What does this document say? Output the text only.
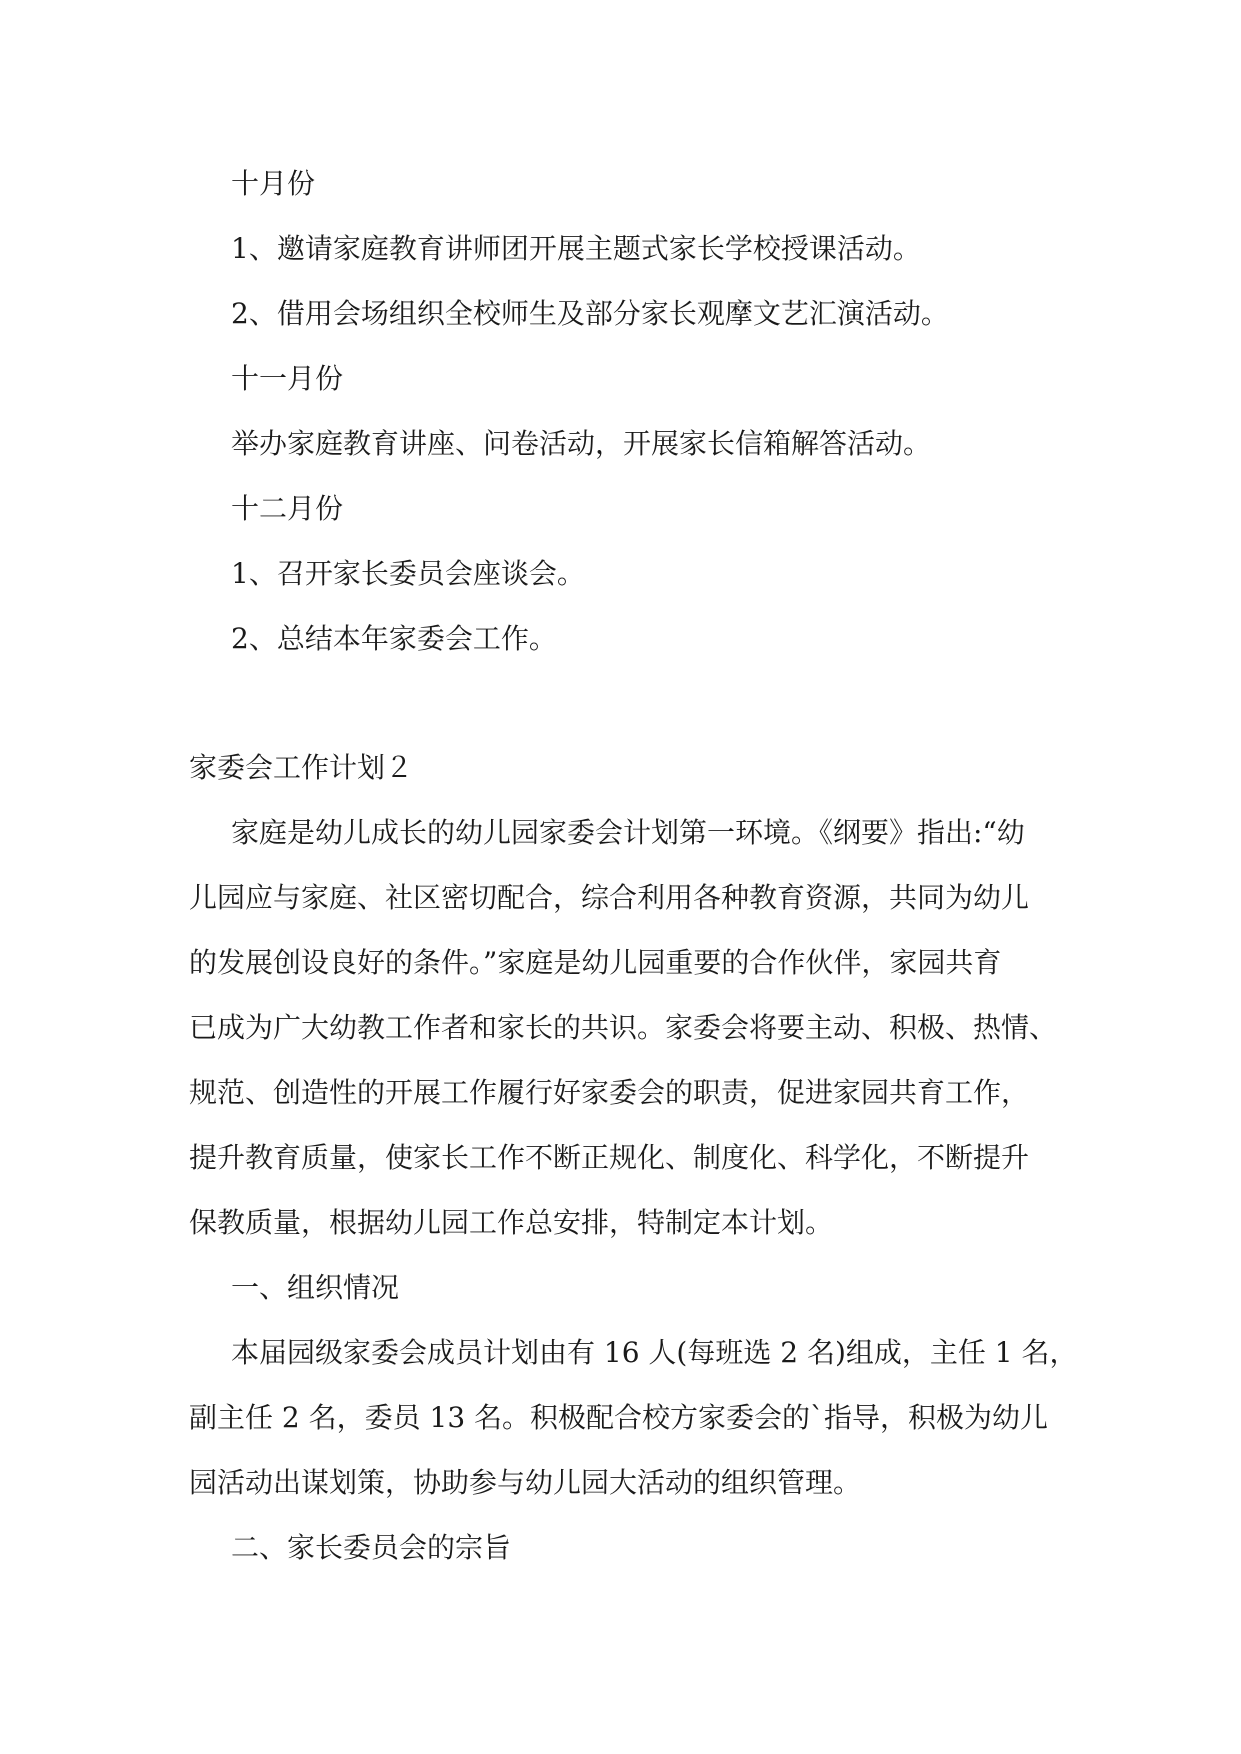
十月份
1、邀请家庭教育讲师团开展主题式家长学校授课活动。
2、借用会场组织全校师生及部分家长观摩文艺汇演活动。
十一月份
举办家庭教育讲座、问卷活动，开展家长信箱解答活动。
十二月份
1、召开家长委员会座谈会。
2、总结本年家委会工作。
家委会工作计划２
家庭是幼儿成长的幼儿园家委会计划第一环境。《纲要》指出:“幼
儿园应与家庭、社区密切配合，综合利用各种教育资源，共同为幼儿
的发展创设良好的条件。”家庭是幼儿园重要的合作伙伴，家园共育
已成为广大幼教工作者和家长的共识。家委会将要主动、积极、热情、
规范、创造性的开展工作履行好家委会的职责，促进家园共育工作，
提升教育质量，使家长工作不断正规化、制度化、科学化，不断提升
保教质量，根据幼儿园工作总安排，特制定本计划。
一、组织情况
本届园级家委会成员计划由有 16 人(每班选 2 名)组成，主任 1 名，
副主任 2 名，委员 13 名。积极配合校方家委会的`指导，积极为幼儿
园活动出谋划策，协助参与幼儿园大活动的组织管理。
二、家长委员会的宗旨
